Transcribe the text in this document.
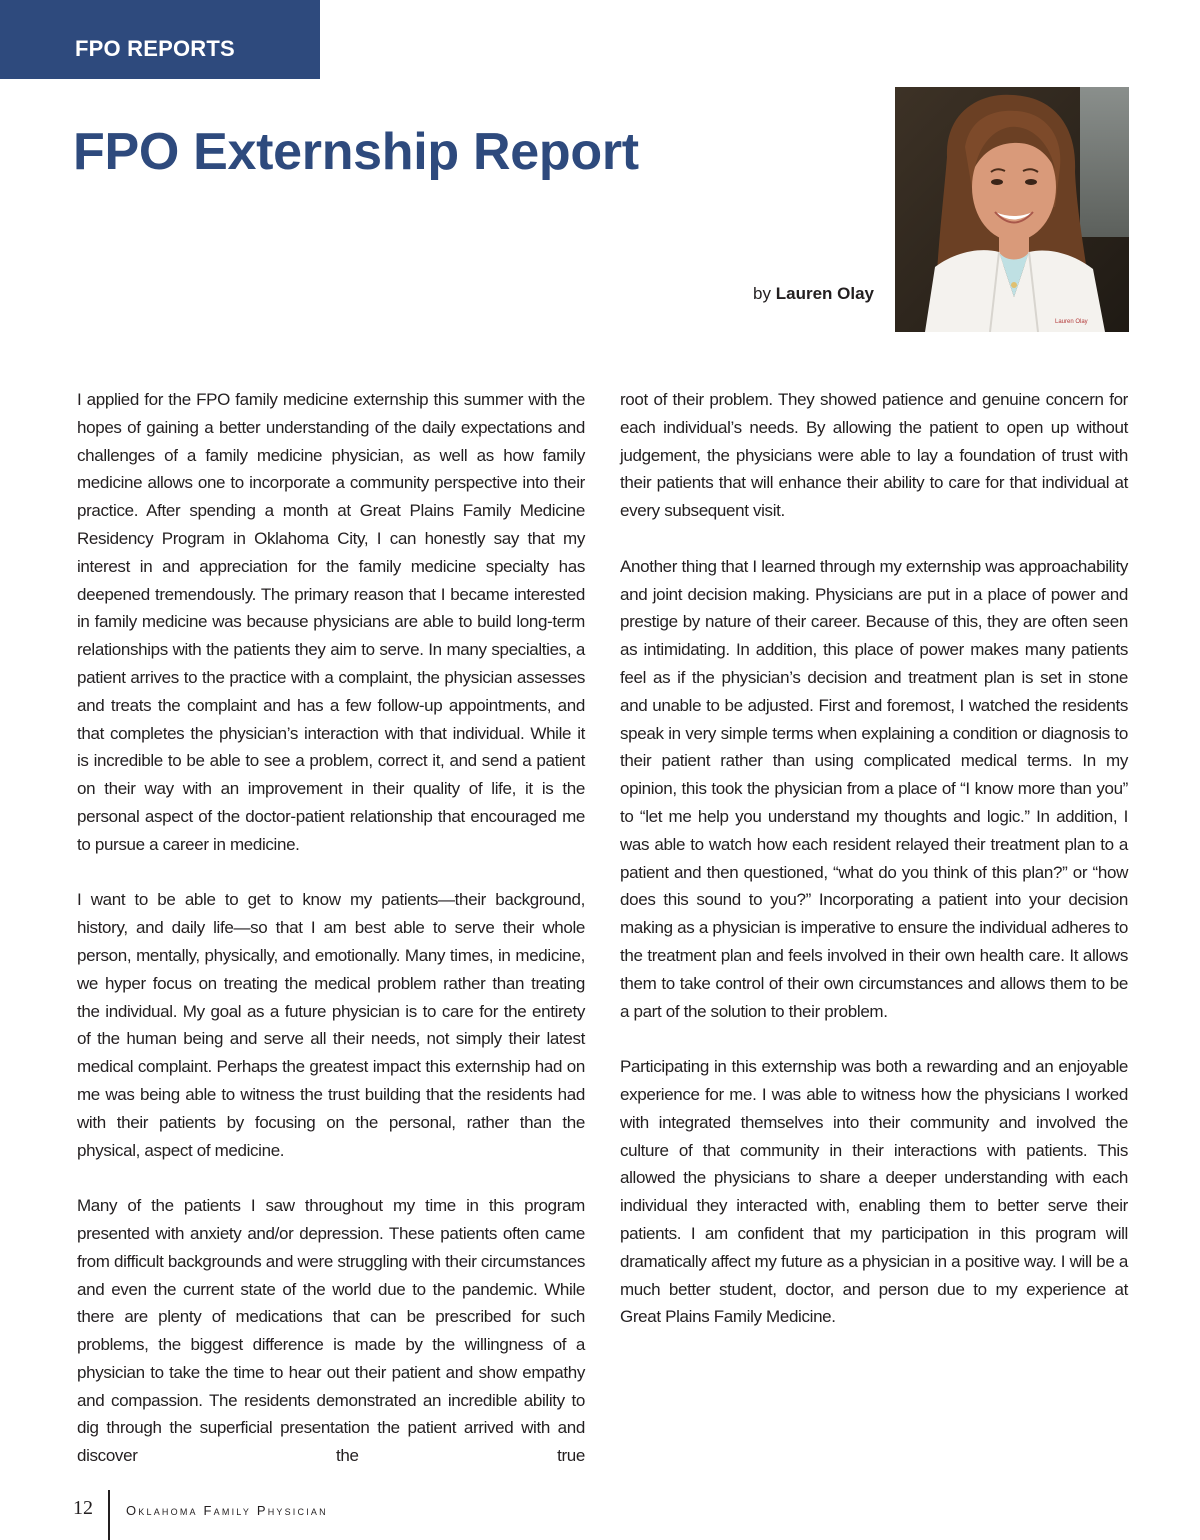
FPO REPORTS
FPO Externship Report
by Lauren Olay
Lauren Olay

I applied for the FPO family medicine externship this summer with the hopes of gaining a better understanding of the daily expectations and challenges of a family medicine physician, as well as how family medicine allows one to incorporate a community perspective into their practice. After spending a month at Great Plains Family Medicine Residency Program in Oklahoma City, I can honestly say that my interest in and appreciation for the family medicine specialty has deepened tremendously. The primary reason that I became interested in family medicine was because physicians are able to build long-term relationships with the patients they aim to serve. In many specialties, a patient arrives to the practice with a complaint, the physician assesses and treats the complaint and has a few follow-up appointments, and that completes the physician’s interaction with that individual. While it is incredible to be able to see a problem, correct it, and send a patient on their way with an improvement in their quality of life, it is the personal aspect of the doctor-patient relationship that encouraged me to pursue a career in medicine.

I want to be able to get to know my patients—their background, history, and daily life—so that I am best able to serve their whole person, mentally, physically, and emotionally. Many times, in medicine, we hyper focus on treating the medical problem rather than treating the individual. My goal as a future physician is to care for the entirety of the human being and serve all their needs, not simply their latest medical complaint. Perhaps the greatest impact this externship had on me was being able to witness the trust building that the residents had with their patients by focusing on the personal, rather than the physical, aspect of medicine.

Many of the patients I saw throughout my time in this program presented with anxiety and/or depression. These patients often came from difficult backgrounds and were struggling with their circumstances and even the current state of the world due to the pandemic. While there are plenty of medications that can be prescribed for such problems, the biggest difference is made by the willingness of a physician to take the time to hear out their patient and show empathy and compassion. The residents demonstrated an incredible ability to dig through the superficial presentation the patient arrived with and discover the true

root of their problem. They showed patience and genuine concern for each individual’s needs. By allowing the patient to open up without judgement, the physicians were able to lay a foundation of trust with their patients that will enhance their ability to care for that individual at every subsequent visit.

Another thing that I learned through my externship was approachability and joint decision making. Physicians are put in a place of power and prestige by nature of their career. Because of this, they are often seen as intimidating. In addition, this place of power makes many patients feel as if the physician’s decision and treatment plan is set in stone and unable to be adjusted. First and foremost, I watched the residents speak in very simple terms when explaining a condition or diagnosis to their patient rather than using complicated medical terms. In my opinion, this took the physician from a place of “I know more than you” to “let me help you understand my thoughts and logic.” In addition, I was able to watch how each resident relayed their treatment plan to a patient and then questioned, “what do you think of this plan?” or “how does this sound to you?” Incorporating a patient into your decision making as a physician is imperative to ensure the individual adheres to the treatment plan and feels involved in their own health care. It allows them to take control of their own circumstances and allows them to be a part of the solution to their problem.

Participating in this externship was both a rewarding and an enjoyable experience for me. I was able to witness how the physicians I worked with integrated themselves into their community and involved the culture of that community in their interactions with patients. This allowed the physicians to share a deeper understanding with each individual they interacted with, enabling them to better serve their patients. I am confident that my participation in this program will dramatically affect my future as a physician in a positive way. I will be a much better student, doctor, and person due to my experience at Great Plains Family Medicine.

12	Oklahoma Family Physician
